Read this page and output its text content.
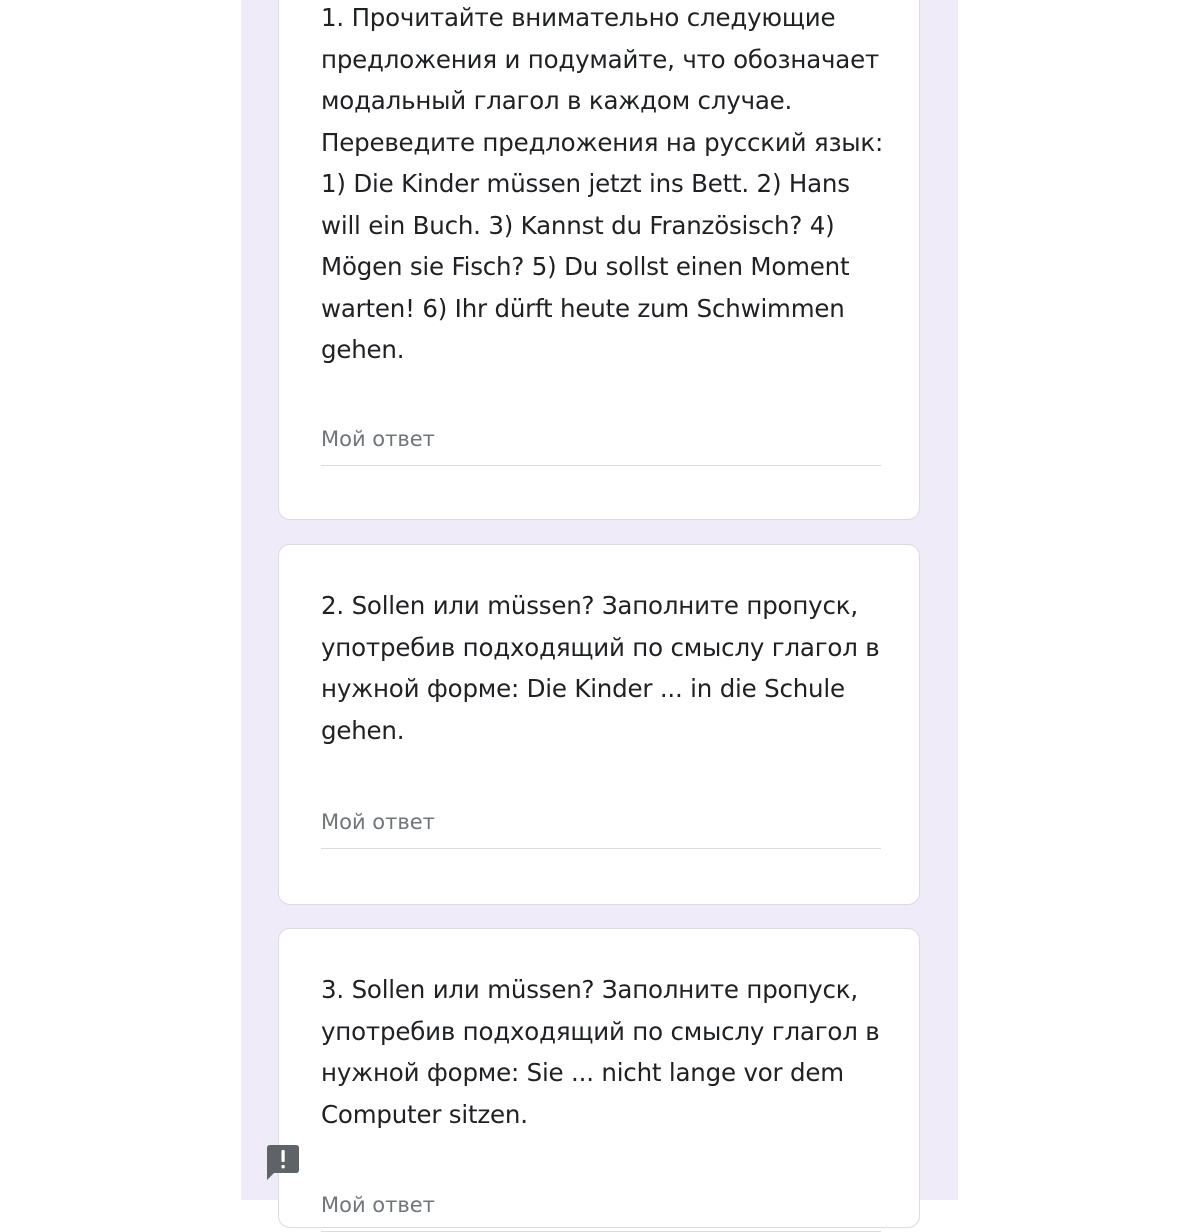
1. Прочитайте внимательно следующие предложения и подумайте, что обозначает модальный глагол в каждом случае. Переведите предложения на русский язык: 1) Die Kinder müssen jetzt ins Bett. 2) Hans will ein Buch. 3) Kannst du Französisch? 4) Mögen sie Fisch? 5) Du sollst einen Moment warten! 6) Ihr dürft heute zum Schwimmen gehen.

Мой ответ

2. Sollen или müssen? Заполните пропуск, употребив подходящий по смыслу глагол в нужной форме: Die Kinder ... in die Schule gehen.

Мой ответ

3. Sollen или müssen? Заполните пропуск, употребив подходящий по смыслу глагол в нужной форме: Sie ... nicht lange vor dem Computer sitzen.

Мой ответ
